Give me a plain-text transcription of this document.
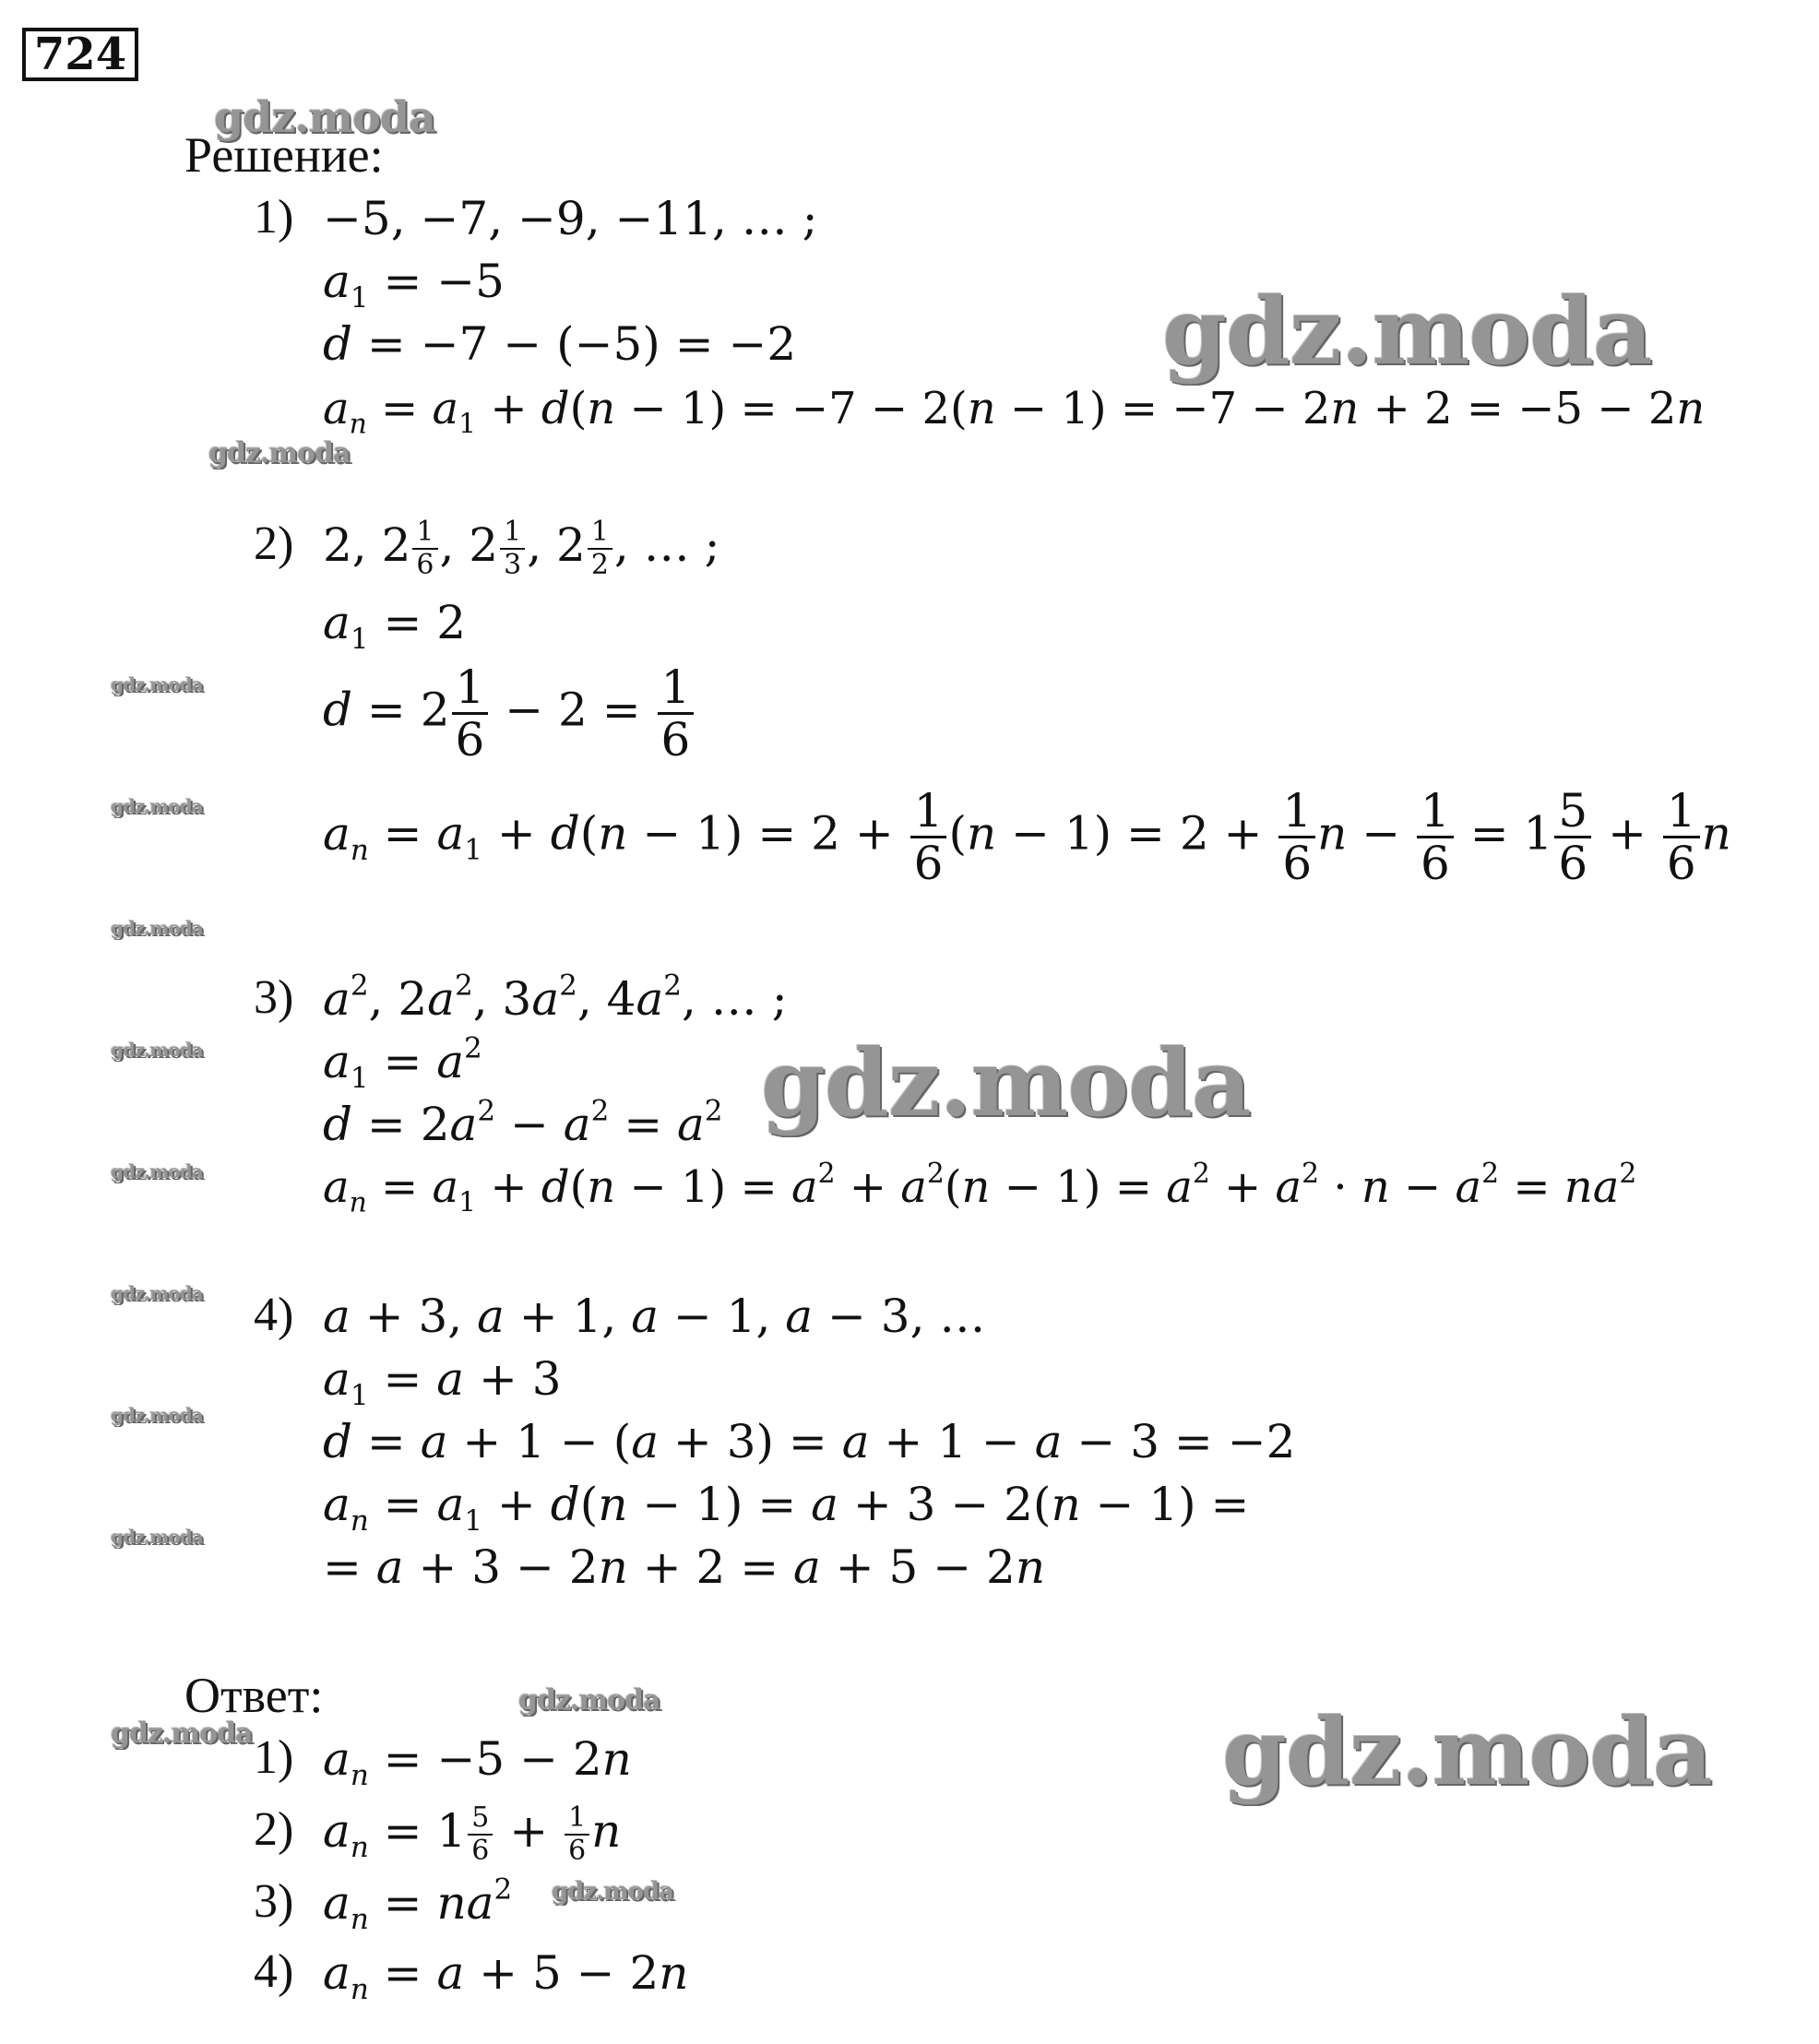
724
gdz.moda
gdz.moda
gdz.moda
gdz.moda
gdz.moda
gdz.moda
gdz.moda
gdz.moda
gdz.moda
gdz.moda
gdz.moda
gdz.moda
gdz.moda
gdz.moda	gdz.moda
gdz.moda
Решение:
1) −5, −7, −9, −11, … ;
$a_1 = -5$
d = −7 − (−5) = −2
$a_n = a_1 + d(n - 1) = -7 - 2(n - 1) = -7 - 2n + 2 = -5 - 2n$
2) 2, $2 \frac{1}{6}$ , $2 \frac{1}{3}$ , $2 \frac{1}{2}$ , … ;
$a_1 = 2$
$d = 2 \frac{1}{6} - 2 = \frac{1}{6}$
$a_n = a_1 + d(n - 1) = 2 + \frac{1}{6} (n - 1) = 2 + \frac{1}{6}$ $n - \frac{1}{6} = 1 \frac{5}{6} + \frac{1}{6}$ n
3) $a^2$, $2a^2$, $3a^2$, $4a^2$, … ;
$a_1 = a^2$
$d = 2a^2 - a^2 = a^2$
$a_n = a_1 + d(n - 1) = a^2 + a^2(n - 1) = a^2 + a^2 \cdot n - a^2 = na^2$
4) a + 3, a + 1, a − 1, a − 3, …
$a_1 = a + 3$
d = a + 1 − (a + 3) = a + 1 − a − 3 = −2
$a_n = a_1 + d(n - 1) = a + 3 - 2(n - 1)$ =
= a + 3 − 2n + 2 = a + 5 − 2n
Ответ:
1) $a_n = -5 - 2n$
2) $a_n = 1 \frac{5}{6} + \frac{1}{6}$ n
3) $a_n = na^2$
4) $a_n = a + 5 - 2n$
